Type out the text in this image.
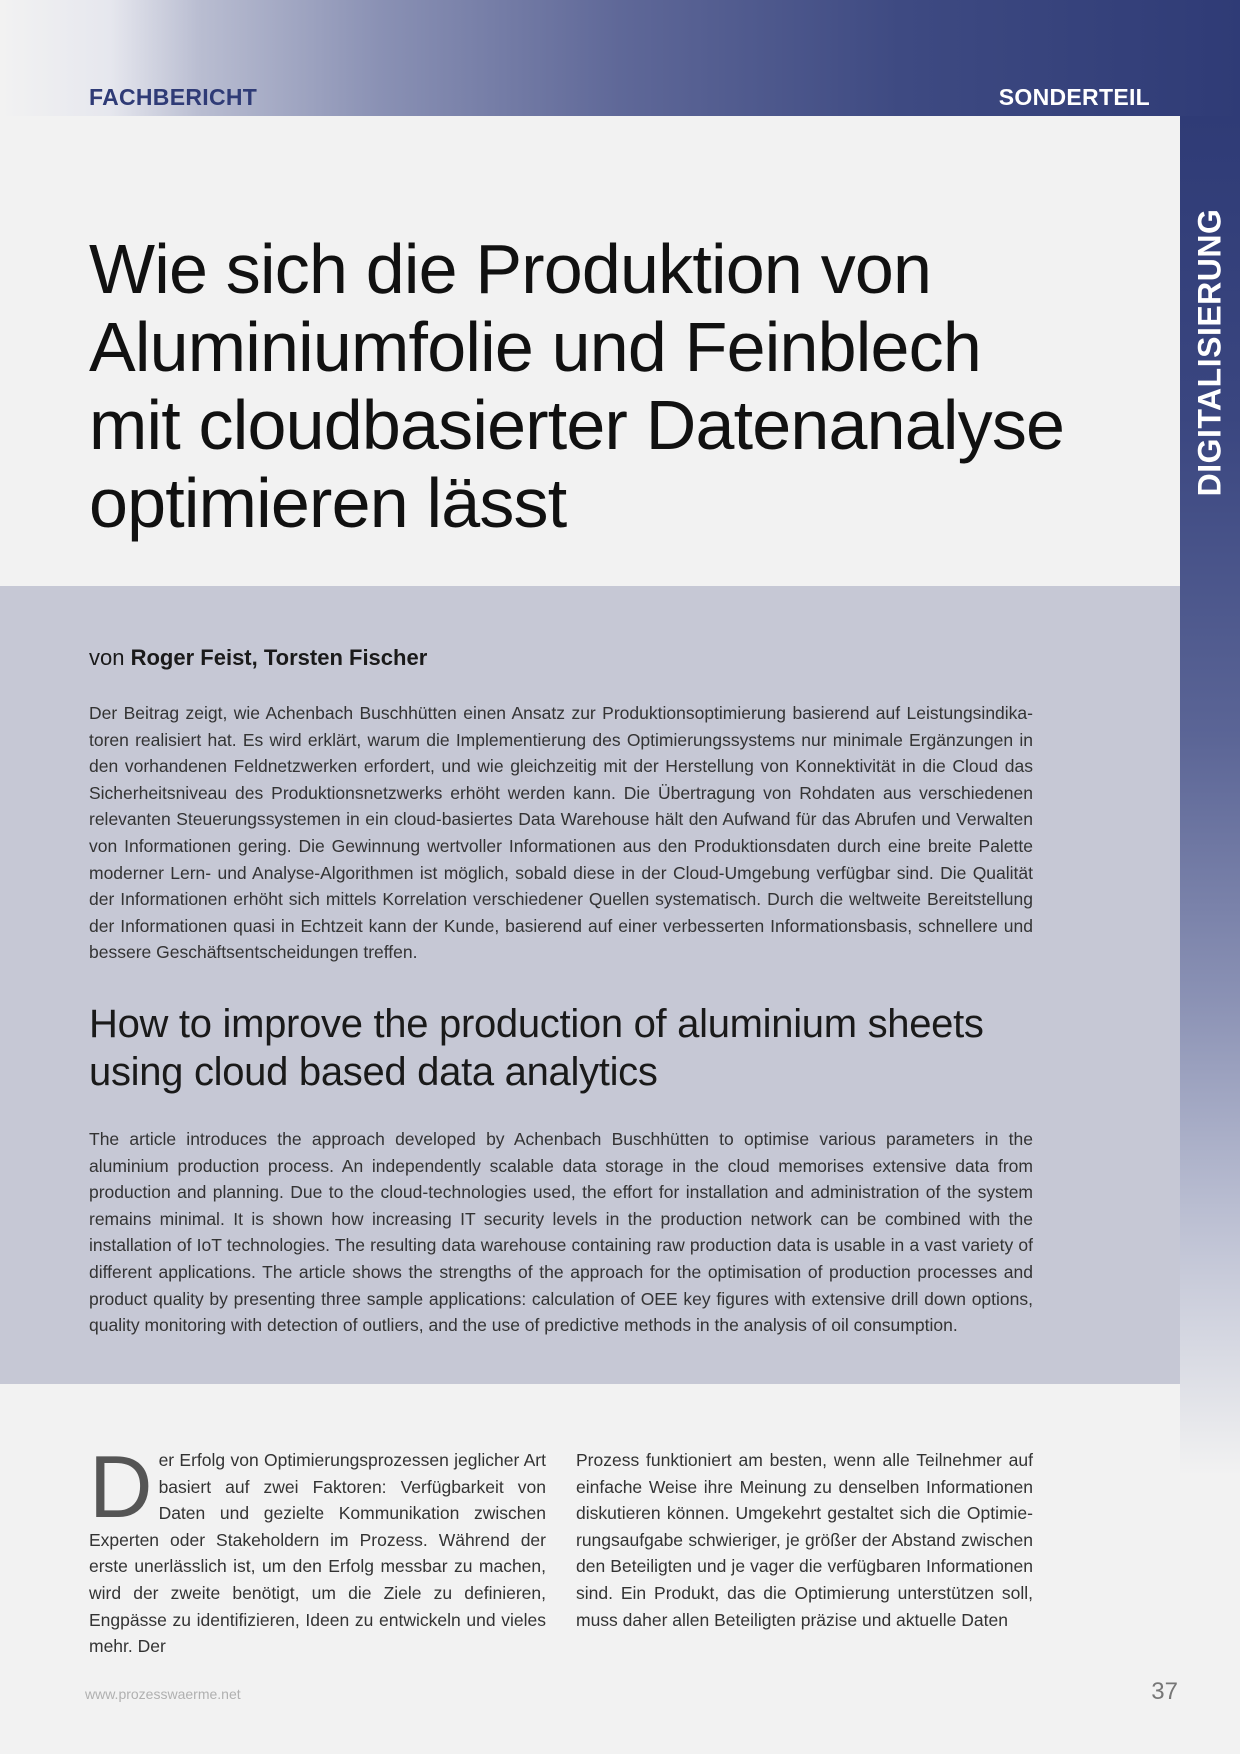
FACHBERICHT	SONDERTEIL
DIGITALISIERUNG
Wie sich die Produktion von Aluminiumfolie und Feinblech mit cloudbasierter Datenanalyse optimieren lässt
von Roger Feist, Torsten Fischer

Der Beitrag zeigt, wie Achenbach Buschhütten einen Ansatz zur Produktionsoptimierung basierend auf Leistungsindikatoren realisiert hat. Es wird erklärt, warum die Implementierung des Optimierungssystems nur minimale Ergänzungen in den vorhandenen Feldnetzwerken erfordert, und wie gleichzeitig mit der Herstellung von Konnektivität in die Cloud das Sicherheitsniveau des Produktionsnetzwerks erhöht werden kann. Die Übertragung von Rohdaten aus verschiedenen relevanten Steuerungssystemen in ein cloud-basiertes Data Warehouse hält den Aufwand für das Abrufen und Verwalten von Informationen gering. Die Gewinnung wertvoller Informationen aus den Produktionsdaten durch eine breite Palette moderner Lern- und Analyse-Algorithmen ist möglich, sobald diese in der Cloud-Umgebung verfügbar sind. Die Qualität der Informationen erhöht sich mittels Korrelation verschiedener Quellen systematisch. Durch die weltweite Bereitstellung der Informationen quasi in Echtzeit kann der Kunde, basierend auf einer verbesserten Informationsbasis, schnellere und bessere Geschäftsentscheidungen treffen.

How to improve the production of aluminium sheets using cloud based data analytics

The article introduces the approach developed by Achenbach Buschhütten to optimise various parameters in the aluminium production process. An independently scalable data storage in the cloud memorises extensive data from production and planning. Due to the cloud-technologies used, the effort for installation and administration of the system remains minimal. It is shown how increasing IT security levels in the production network can be combined with the installation of IoT technologies. The resulting data warehouse containing raw production data is usable in a vast variety of different applications. The article shows the strengths of the approach for the optimisation of production processes and product quality by presenting three sample applications: calculation of OEE key figures with extensive drill down options, quality monitoring with detection of outliers, and the use of predictive methods in the analysis of oil consumption.

Der Erfolg von Optimierungsprozessen jeglicher Art basiert auf zwei Faktoren: Verfügbarkeit von Daten und gezielte Kommunikation zwischen Experten oder Stakeholdern im Prozess. Während der erste unerlässlich ist, um den Erfolg messbar zu machen, wird der zweite benötigt, um die Ziele zu definieren, Engpässe zu identifizieren, Ideen zu entwickeln und vieles mehr. Der

Prozess funktioniert am besten, wenn alle Teilnehmer auf einfache Weise ihre Meinung zu denselben Informationen diskutieren können. Umgekehrt gestaltet sich die Optimierungsaufgabe schwieriger, je größer der Abstand zwischen den Beteiligten und je vager die verfügbaren Informationen sind. Ein Produkt, das die Optimierung unterstützen soll, muss daher allen Beteiligten präzise und aktuelle Daten

www.prozesswaerme.net	37
